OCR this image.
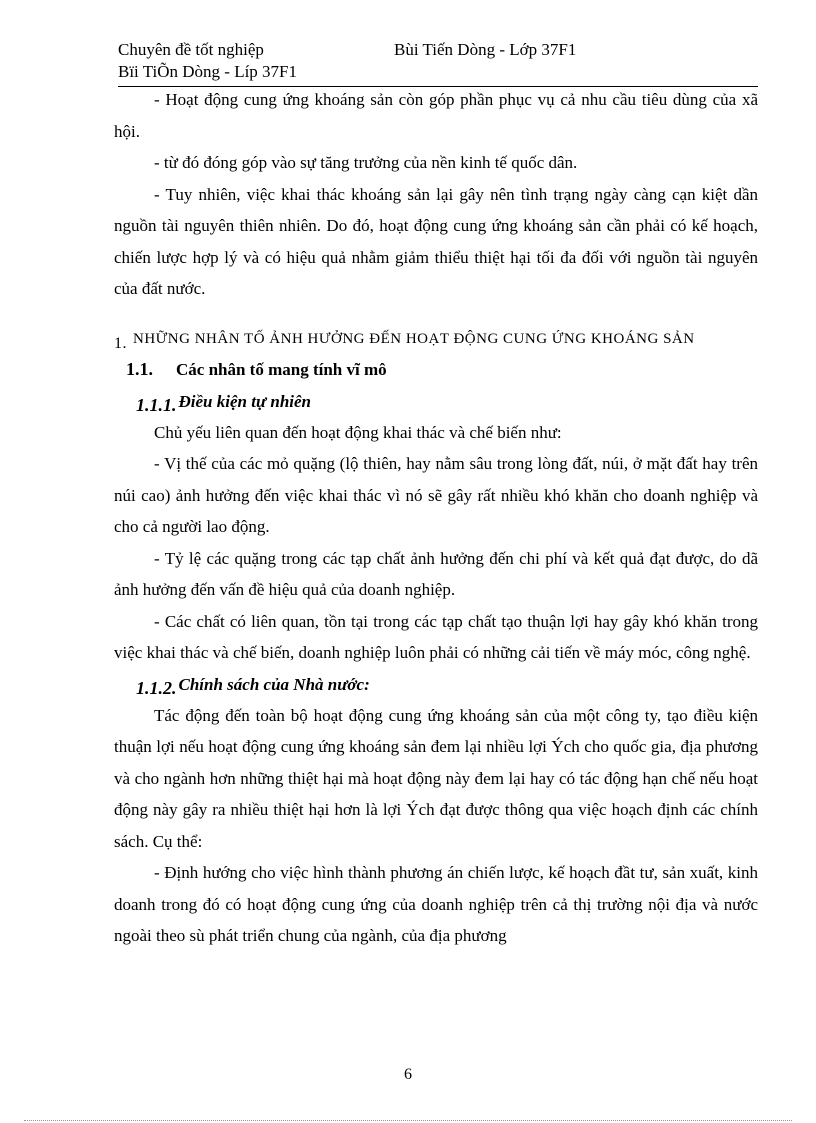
Chuyên đề tốt nghiệp	Bùi Tiến Dòng - Lớp 37F1
Bïi TiÕn Dòng - Líp 37F1

- Hoạt động cung ứng khoáng sản còn góp phần phục vụ cả nhu cầu tiêu dùng của xã hội.

- từ đó đóng góp vào sự tăng trưởng của nền kinh tế quốc dân.

- Tuy nhiên, việc khai thác khoáng sản lại gây nên tình trạng ngày càng cạn kiệt dần nguồn tài nguyên thiên nhiên. Do đó, hoạt động cung ứng khoáng sản cần phải có kế hoạch, chiến lược hợp lý và có hiệu quả nhằm giảm thiểu thiệt hại tối đa đối với nguồn tài nguyên của đất nước.

1. NHỮNG NHÂN TỐ ẢNH HƯỞNG ĐẾN HOẠT ĐỘNG CUNG ỨNG KHOÁNG SẢN

1.1. Các nhân tố mang tính vĩ mô

1.1.1. Điều kiện tự nhiên

Chủ yếu liên quan đến hoạt động khai thác và chế biến như:

- Vị thế của các mỏ quặng (lộ thiên, hay nằm sâu trong lòng đất, núi, ở mặt đất hay trên núi cao) ảnh hưởng đến việc khai thác vì nó sẽ gây rất nhiều khó khăn cho doanh nghiệp và cho cả người lao động.

- Tỷ lệ các quặng trong các tạp chất ảnh hưởng đến chi phí và kết quả đạt được, do dã ảnh hưởng đến vấn đề hiệu quả của doanh nghiệp.

- Các chất có liên quan, tồn tại trong các tạp chất tạo thuận lợi hay gây khó khăn trong việc khai thác và chế biến, doanh nghiệp luôn phải có những cải tiến về máy móc, công nghệ.

1.1.2. Chính sách của Nhà nước:

Tác động đến toàn bộ hoạt động cung ứng khoáng sản của một công ty, tạo điều kiện thuận lợi nếu hoạt động cung ứng khoáng sản đem lại nhiều lợi Ých cho quốc gia, địa phương và cho ngành hơn những thiệt hại mà hoạt động này đem lại hay có tác động hạn chế nếu hoạt động này gây ra nhiều thiệt hại hơn là lợi Ých đạt được thông qua việc hoạch định các chính sách. Cụ thể:

- Định hướng cho việc hình thành phương án chiến lược, kế hoạch đầt tư, sản xuất, kinh doanh trong đó có hoạt động cung ứng của doanh nghiệp trên cả thị trường nội địa và nước ngoài theo sù phát triển chung của ngành, của địa phương

6
